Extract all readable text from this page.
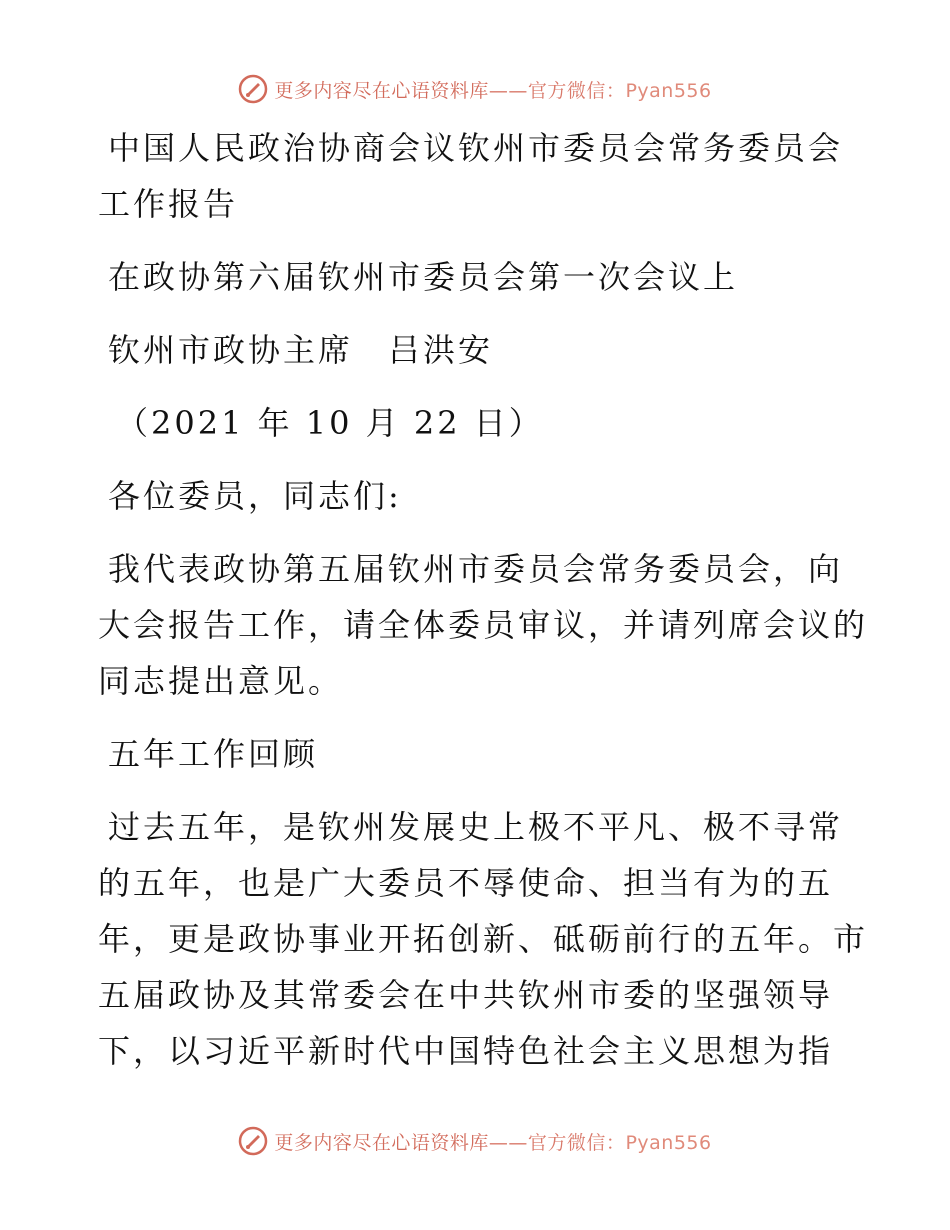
更多内容尽在心语资料库——官方微信：Pyan556
中国人民政治协商会议钦州市委员会常务委员会
工作报告
在政协第六届钦州市委员会第一次会议上
钦州市政协主席　吕洪安
（2021 年 10 月 22 日）
各位委员，同志们:
我代表政协第五届钦州市委员会常务委员会，向
大会报告工作，请全体委员审议，并请列席会议的
同志提出意见。
五年工作回顾
过去五年，是钦州发展史上极不平凡、极不寻常
的五年，也是广大委员不辱使命、担当有为的五
年，更是政协事业开拓创新、砥砺前行的五年。市
五届政协及其常委会在中共钦州市委的坚强领导
下，以习近平新时代中国特色社会主义思想为指
更多内容尽在心语资料库——官方微信：Pyan556
